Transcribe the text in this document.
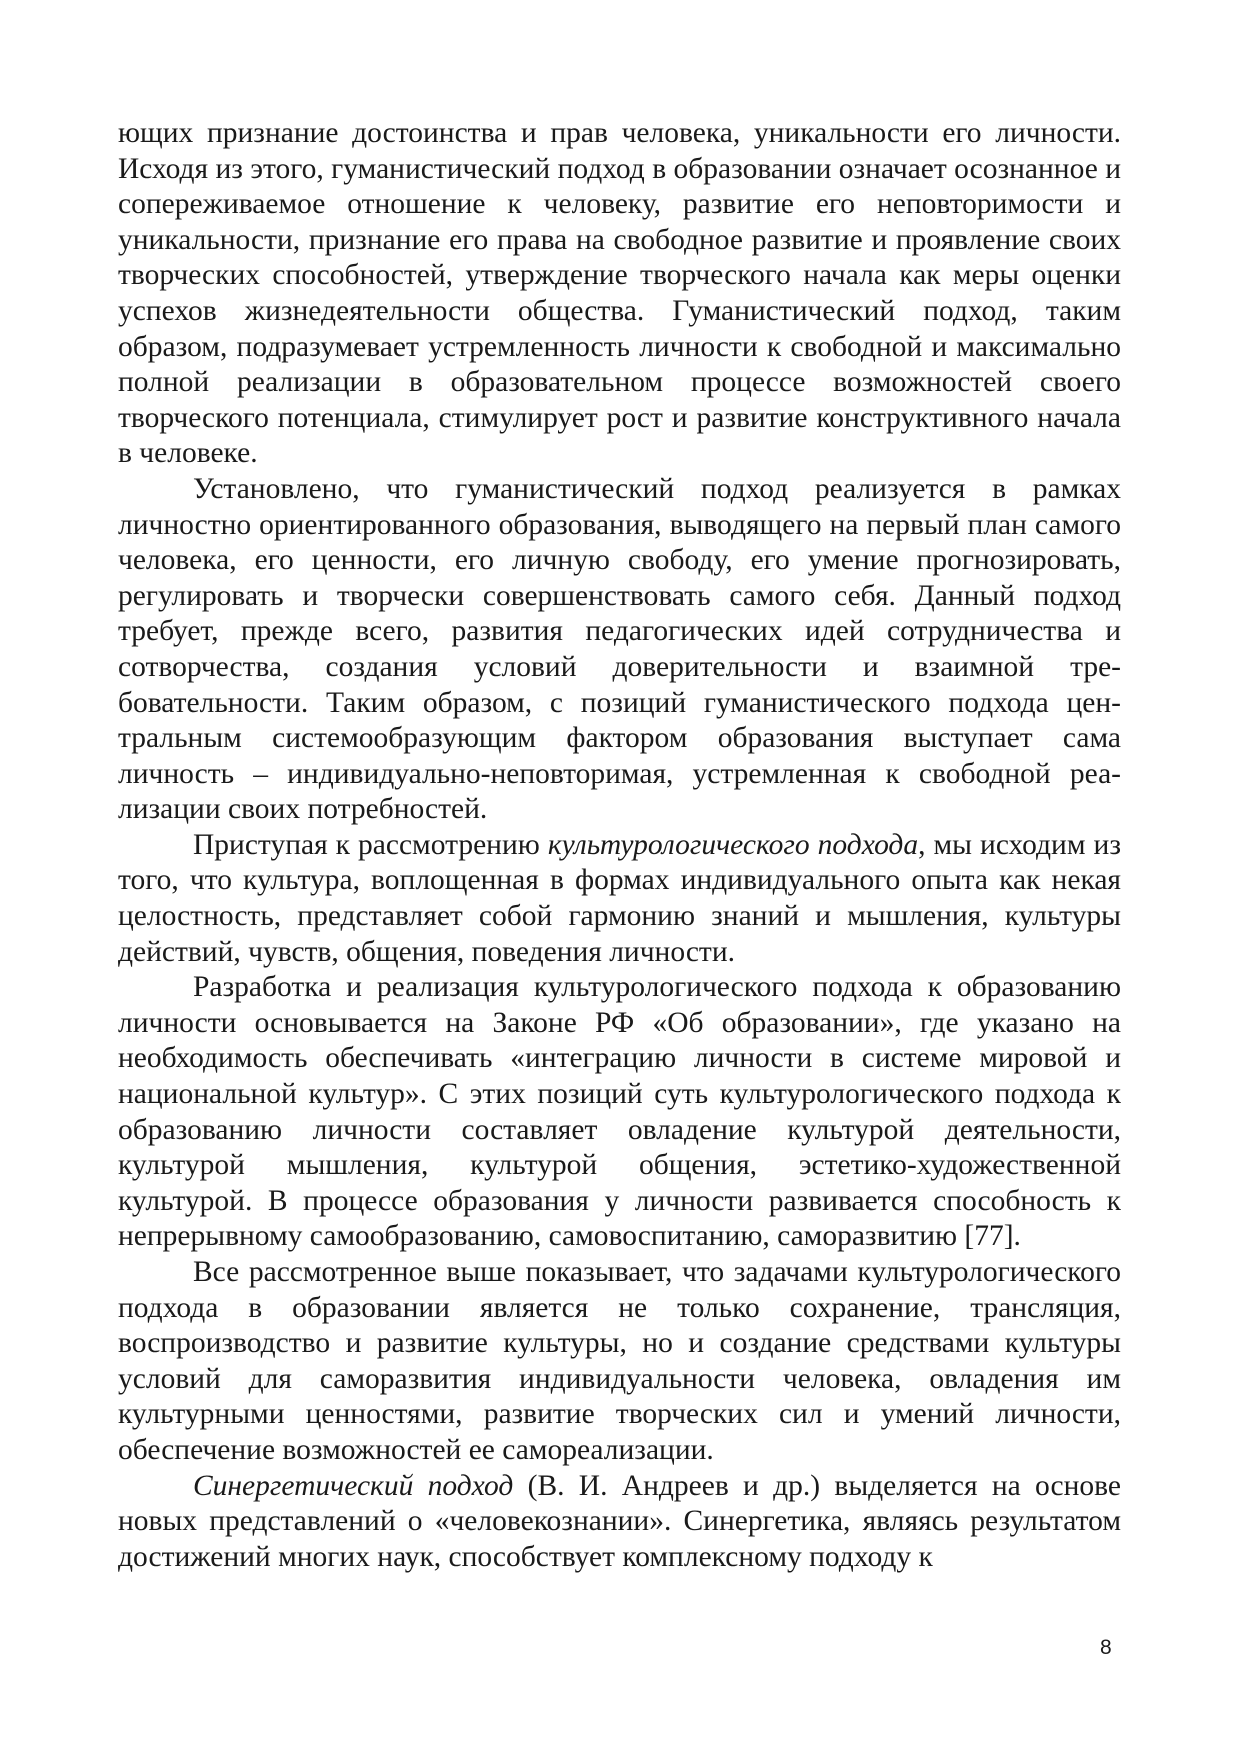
ющих признание достоинства и прав человека, уникальности его личности. Исходя из этого, гуманистический подход в образовании означает осознанное и сопереживаемое отношение к человеку, развитие его неповторимости и уникальности, признание его права на свободное развитие и проявление своих творческих способностей, утверждение творческого начала как меры оценки успехов жизнедеятельности общества. Гуманистический подход, таким образом, подразумевает устремленность личности к свободной и максимально полной реализации в образовательном процессе возможностей своего творческого потенциала, стимулирует рост и развитие конструктивного начала в человеке.

Установлено, что гуманистический подход реализуется в рамках личностно ориентированного образования, выводящего на первый план самого человека, его ценности, его личную свободу, его умение прогнозировать, регулировать и творчески совершенствовать самого себя. Данный подход требует, прежде всего, развития педагогических идей сотрудничества и сотворчества, создания условий доверительности и взаимной требовательности. Таким образом, с позиций гуманистического подхода центральным системообразующим фактором образования выступает сама личность – индивидуально-неповторимая, устремленная к свободной реализации своих потребностей.

Приступая к рассмотрению культурологического подхода, мы исходим из того, что культура, воплощенная в формах индивидуального опыта как некая целостность, представляет собой гармонию знаний и мышления, культуры действий, чувств, общения, поведения личности.

Разработка и реализация культурологического подхода к образованию личности основывается на Законе РФ «Об образовании», где указано на необходимость обеспечивать «интеграцию личности в системе мировой и национальной культур». С этих позиций суть культурологического подхода к образованию личности составляет овладение культурой деятельности, культурой мышления, культурой общения, эстетико-художественной культурой. В процессе образования у личности развивается способность к непрерывному самообразованию, самовоспитанию, саморазвитию [77].

Все рассмотренное выше показывает, что задачами культурологического подхода в образовании является не только сохранение, трансляция, воспроизводство и развитие культуры, но и создание средствами культуры условий для саморазвития индивидуальности человека, овладения им культурными ценностями, развитие творческих сил и умений личности, обеспечение возможностей ее самореализации.

Синергетический подход (В. И. Андреев и др.) выделяется на основе новых представлений о «человекознании». Синергетика, являясь результатом достижений многих наук, способствует комплексному подходу к

8
